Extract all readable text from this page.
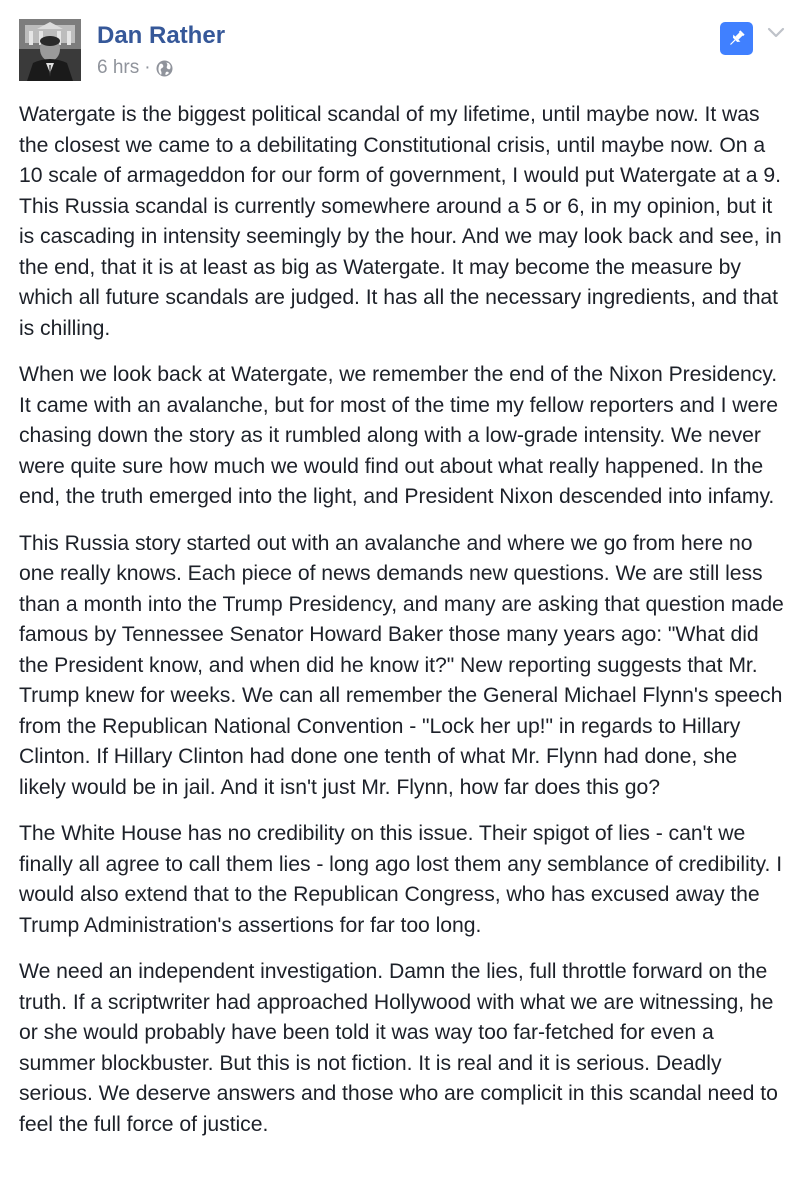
Dan Rather
6 hrs ·

Watergate is the biggest political scandal of my lifetime, until maybe now. It was the closest we came to a debilitating Constitutional crisis, until maybe now. On a 10 scale of armageddon for our form of government, I would put Watergate at a 9. This Russia scandal is currently somewhere around a 5 or 6, in my opinion, but it is cascading in intensity seemingly by the hour. And we may look back and see, in the end, that it is at least as big as Watergate. It may become the measure by which all future scandals are judged. It has all the necessary ingredients, and that is chilling.

When we look back at Watergate, we remember the end of the Nixon Presidency. It came with an avalanche, but for most of the time my fellow reporters and I were chasing down the story as it rumbled along with a low-grade intensity. We never were quite sure how much we would find out about what really happened. In the end, the truth emerged into the light, and President Nixon descended into infamy.

This Russia story started out with an avalanche and where we go from here no one really knows. Each piece of news demands new questions. We are still less than a month into the Trump Presidency, and many are asking that question made famous by Tennessee Senator Howard Baker those many years ago: "What did the President know, and when did he know it?" New reporting suggests that Mr. Trump knew for weeks. We can all remember the General Michael Flynn's speech from the Republican National Convention - "Lock her up!" in regards to Hillary Clinton. If Hillary Clinton had done one tenth of what Mr. Flynn had done, she likely would be in jail. And it isn't just Mr. Flynn, how far does this go?

The White House has no credibility on this issue. Their spigot of lies - can't we finally all agree to call them lies - long ago lost them any semblance of credibility. I would also extend that to the Republican Congress, who has excused away the Trump Administration's assertions for far too long.

We need an independent investigation. Damn the lies, full throttle forward on the truth. If a scriptwriter had approached Hollywood with what we are witnessing, he or she would probably have been told it was way too far-fetched for even a summer blockbuster. But this is not fiction. It is real and it is serious. Deadly serious. We deserve answers and those who are complicit in this scandal need to feel the full force of justice.
